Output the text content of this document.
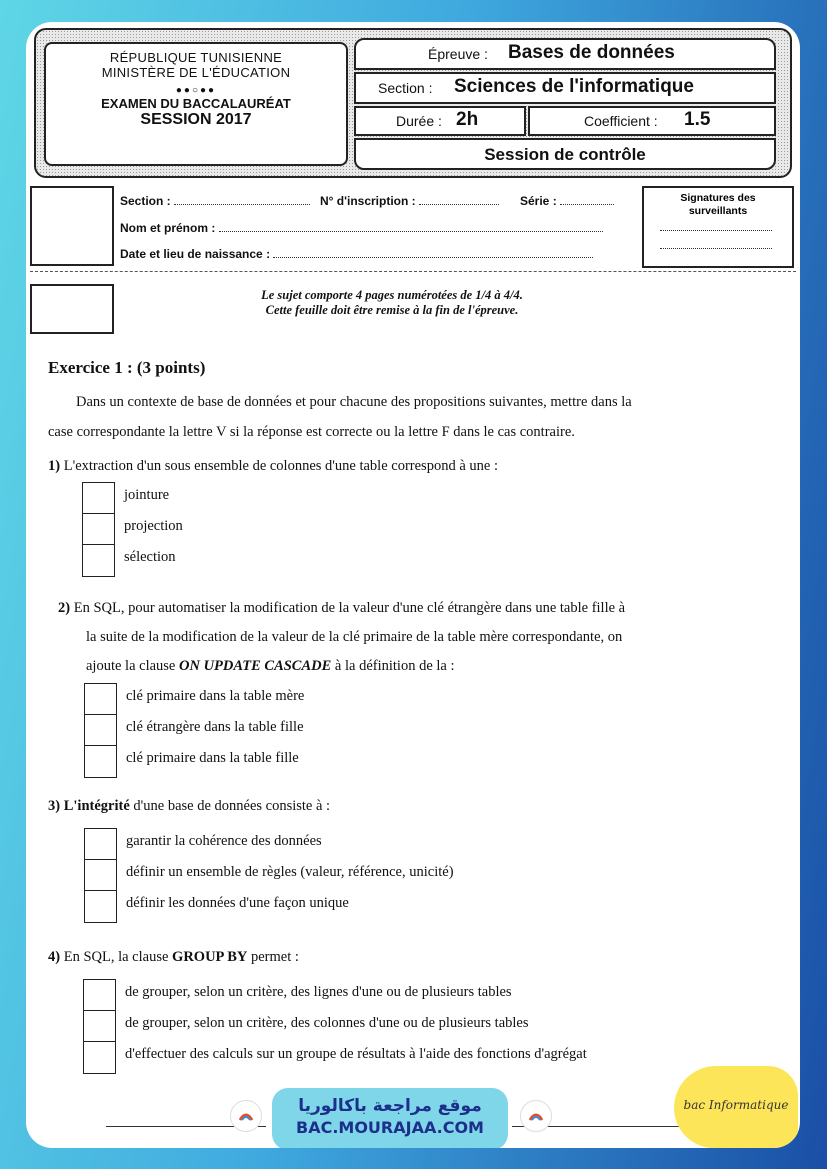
RÉPUBLIQUE TUNISIENNE
MINISTÈRE DE L'ÉDUCATION
●●○●●
EXAMEN DU BACCALAURÉAT
SESSION 2017
Épreuve : Bases de données
Section : Sciences de l'informatique
Durée : 2h	Coefficient : 1.5
Session de contrôle
Section :	N° d'inscription :	Série :
Nom et prénom :
Date et lieu de naissance :
Signatures des surveillants
Le sujet comporte 4 pages numérotées de 1/4 à 4/4.
Cette feuille doit être remise à la fin de l'épreuve.
Exercice 1 : (3 points)
Dans un contexte de base de données et pour chacune des propositions suivantes, mettre dans la
case correspondante la lettre V si la réponse est correcte ou la lettre F dans le cas contraire.
1) L'extraction d'un sous ensemble de colonnes d'une table correspond à une :
jointure
projection
sélection
2) En SQL, pour automatiser la modification de la valeur d'une clé étrangère dans une table fille à
la suite de la modification de la valeur de la clé primaire de la table mère correspondante, on
ajoute la clause ON UPDATE CASCADE à la définition de la :
clé primaire dans la table mère
clé étrangère dans la table fille
clé primaire dans la table fille
3) L'intégrité d'une base de données consiste à :
garantir la cohérence des données
définir un ensemble de règles (valeur, référence, unicité)
définir les données d'une façon unique
4) En SQL, la clause GROUP BY permet :
de grouper, selon un critère, des lignes d'une ou de plusieurs tables
de grouper, selon un critère, des colonnes d'une ou de plusieurs tables
d'effectuer des calculs sur un groupe de résultats à l'aide des fonctions d'agrégat
موقع مراجعة باكالوريا
BAC.MOURAJAA.COM
bac Informatique
